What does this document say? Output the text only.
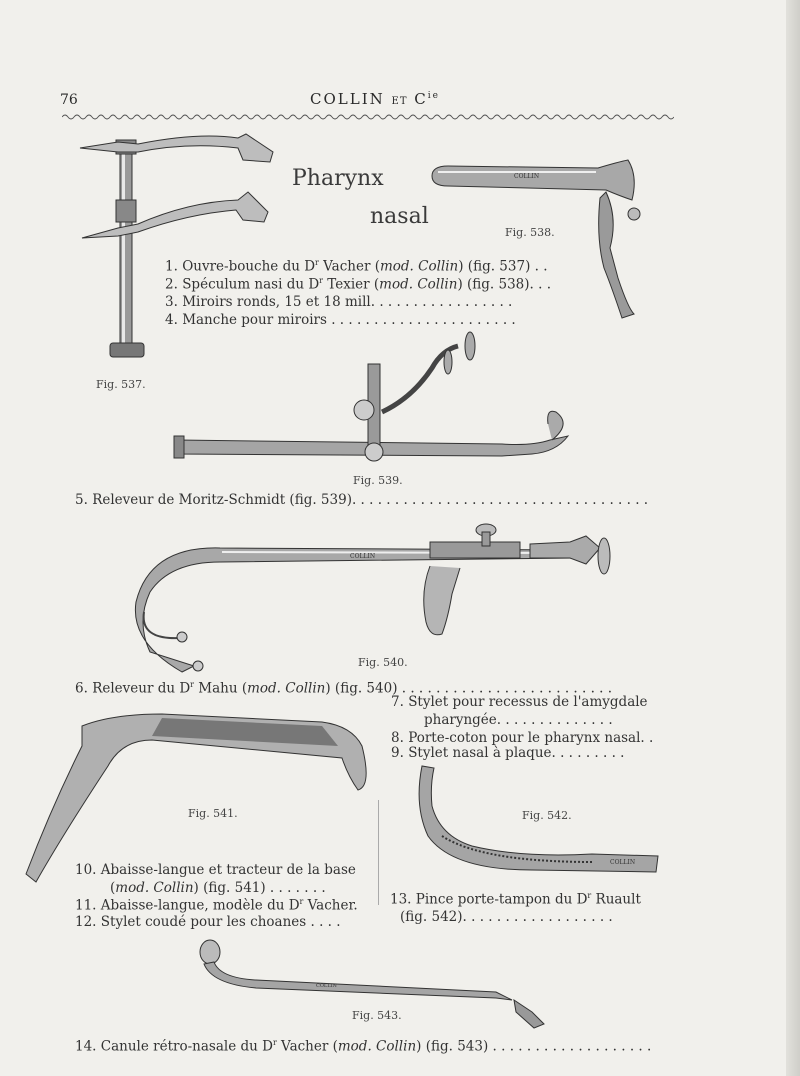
76	COLLIN ET $C^{ie}$
Pharynx
nasal
COLLIN
COLLIN
COLLIN
COLLIN
Fig. 537.
Fig. 538.
Fig. 539.
Fig. 540.
Fig. 541.	Fig. 542.
Fig. 543.
1. Ouvre-bouche du $D^r$ Vacher (mod. Collin) (fig. 537) . .
2. Spéculum nasi du $D^r$ Texier (mod. Collin) (fig. 538). . .
3. Miroirs ronds, 15 et 18 mill. . . . . . . . . . . . . . . . .
4. Manche pour miroirs . . . . . . . . . . . . . . . . . . . . . .
5. Releveur de Moritz-Schmidt (fig. 539). . . . . . . . . . . . . . . . . . . . . . . . . . . . . . . . . . .
6. Releveur du $D^r$ Mahu (mod. Collin) (fig. 540) . . . . . . . . . . . . . . . . . . . . . . . . .
7. Stylet pour recessus de l'amygdale
pharyngée. . . . . . . . . . . . . .
8. Porte-coton pour le pharynx nasal. .
9. Stylet nasal à plaque. . . . . . . . .
10. Abaisse-langue et tracteur de la base
(mod. Collin) (fig. 541) . . . . . . .
11. Abaisse-langue, modèle du $D^r$ Vacher.
12. Stylet coudé pour les choanes . . . .
13. Pince porte-tampon du $D^r$ Ruault
(fig. 542). . . . . . . . . . . . . . . . . .
14. Canule rétro-nasale du $D^r$ Vacher (mod. Collin) (fig. 543) . . . . . . . . . . . . . . . . . . .
